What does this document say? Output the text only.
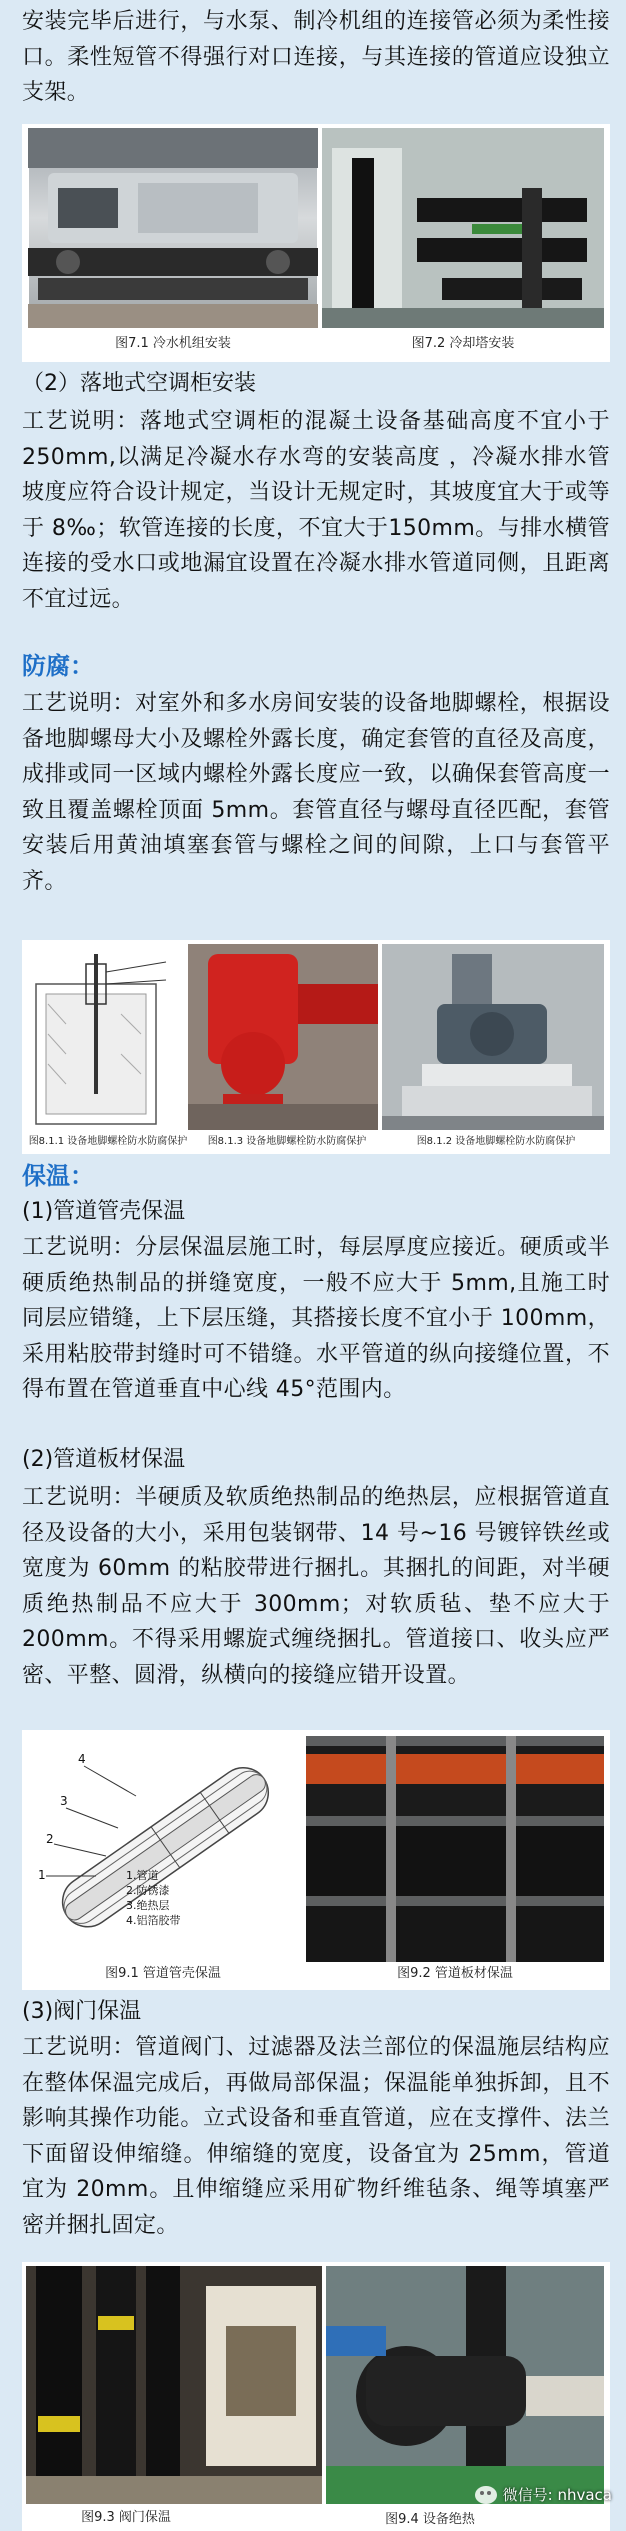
安装完毕后进行，与水泵、制冷机组的连接管必须为柔性接口。柔性短管不得强行对口连接，与其连接的管道应设独立支架。

图7.1 冷水机组安装	图7.2 冷却塔安装

（2）落地式空调柜安装

工艺说明：落地式空调柜的混凝土设备基础高度不宜小于 250mm,以满足冷凝水存水弯的安装高度 ，冷凝水排水管坡度应符合设计规定，当设计无规定时，其坡度宜大于或等于 8‰；软管连接的长度，不宜大于150mm。与排水横管连接的受水口或地漏宜设置在冷凝水排水管道同侧，且距离不宜过远。

防腐：

工艺说明：对室外和多水房间安装的设备地脚螺栓，根据设备地脚螺母大小及螺栓外露长度，确定套管的直径及高度，成排或同一区域内螺栓外露长度应一致，以确保套管高度一致且覆盖螺栓顶面 5mm。套管直径与螺母直径匹配，套管安装后用黄油填塞套管与螺栓之间的间隙，上口与套管平齐。

图8.1.1 设备地脚螺栓防水防腐保护	图8.1.3 设备地脚螺栓防水防腐保护	图8.1.2 设备地脚螺栓防水防腐保护

保温：

(1)管道管壳保温

工艺说明：分层保温层施工时，每层厚度应接近。硬质或半硬质绝热制品的拼缝宽度，一般不应大于 5mm,且施工时同层应错缝，上下层压缝，其搭接长度不宜小于 100mm，采用粘胶带封缝时可不错缝。水平管道的纵向接缝位置，不得布置在管道垂直中心线 45°范围内。

(2)管道板材保温

工艺说明：半硬质及软质绝热制品的绝热层，应根据管道直径及设备的大小，采用包装钢带、14 号~16 号镀锌铁丝或宽度为 60mm 的粘胶带进行捆扎。其捆扎的间距，对半硬质绝热制品不应大于 300mm；对软质毡、垫不应大于 200mm。不得采用螺旋式缠绕捆扎。管道接口、收头应严密、平整、圆滑，纵横向的接缝应错开设置。

4
3
2
1	1.管道
2.防锈漆
3.绝热层
4.铝箔胶带
图9.1 管道管壳保温	图9.2 管道板材保温

(3)阀门保温

工艺说明：管道阀门、过滤器及法兰部位的保温施层结构应在整体保温完成后，再做局部保温；保温能单独拆卸，且不影响其操作功能。立式设备和垂直管道，应在支撑件、法兰下面留设伸缩缝。伸缩缝的宽度，设备宜为 25mm，管道宜为 20mm。且伸缩缝应采用矿物纤维毡条、绳等填塞严密并捆扎固定。

图9.3 阀门保温	图9.4 设备绝热
微信号: nhvaca
